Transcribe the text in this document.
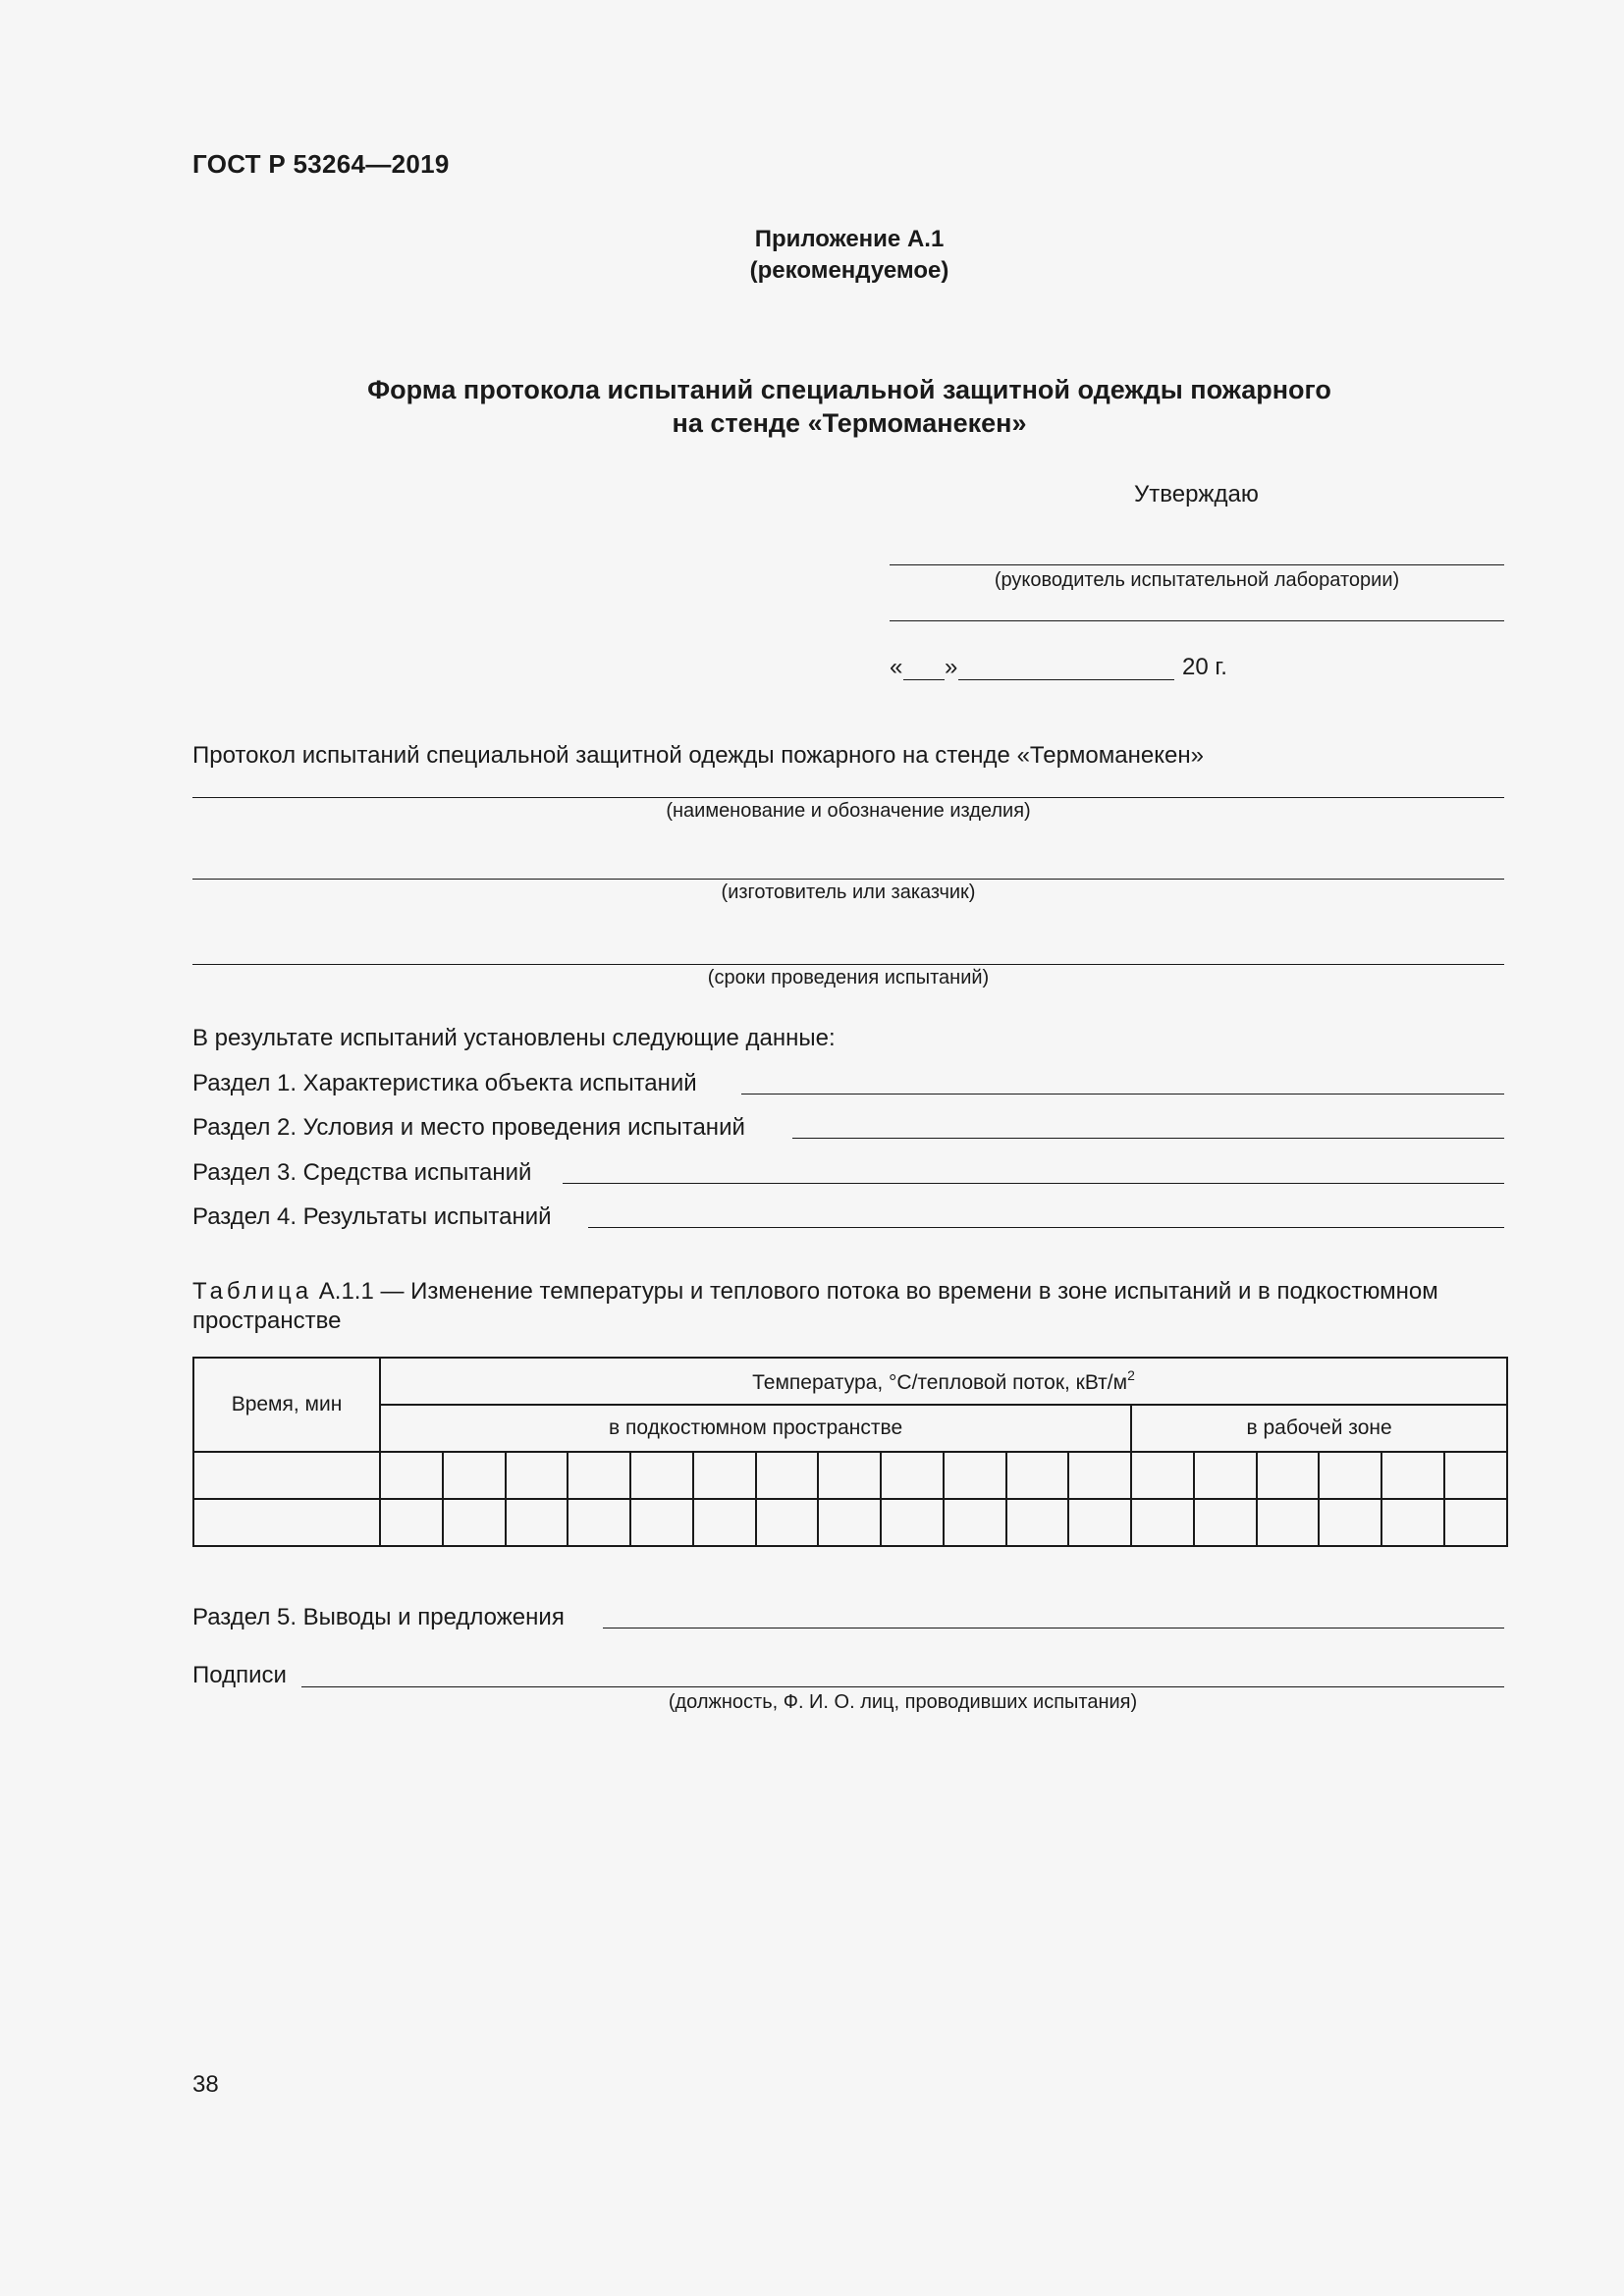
ГОСТ Р 53264—2019
Приложение А.1
(рекомендуемое)
Форма протокола испытаний специальной защитной одежды пожарного
на стенде «Термоманекен»
Утверждаю
(руководитель испытательной лаборатории)
« »	20 г.
Протокол испытаний специальной защитной одежды пожарного на стенде «Термоманекен»
(наименование и обозначение изделия)
(изготовитель или заказчик)
(сроки проведения испытаний)
В результате испытаний установлены следующие данные:
Раздел 1. Характеристика объекта испытаний
Раздел 2. Условия и место проведения испытаний
Раздел 3. Средства испытаний
Раздел 4. Результаты испытаний
Таблица А.1.1 — Изменение температуры и теплового потока во времени в зоне испытаний и в подкостюмном
пространстве
Время, мин	Температура, °С/тепловой поток, кВт/$м^2$
	в подкостюмном пространстве												в рабочей зоне					

Раздел 5. Выводы и предложения
Подписи
(должность, Ф. И. О. лиц, проводивших испытания)
38
